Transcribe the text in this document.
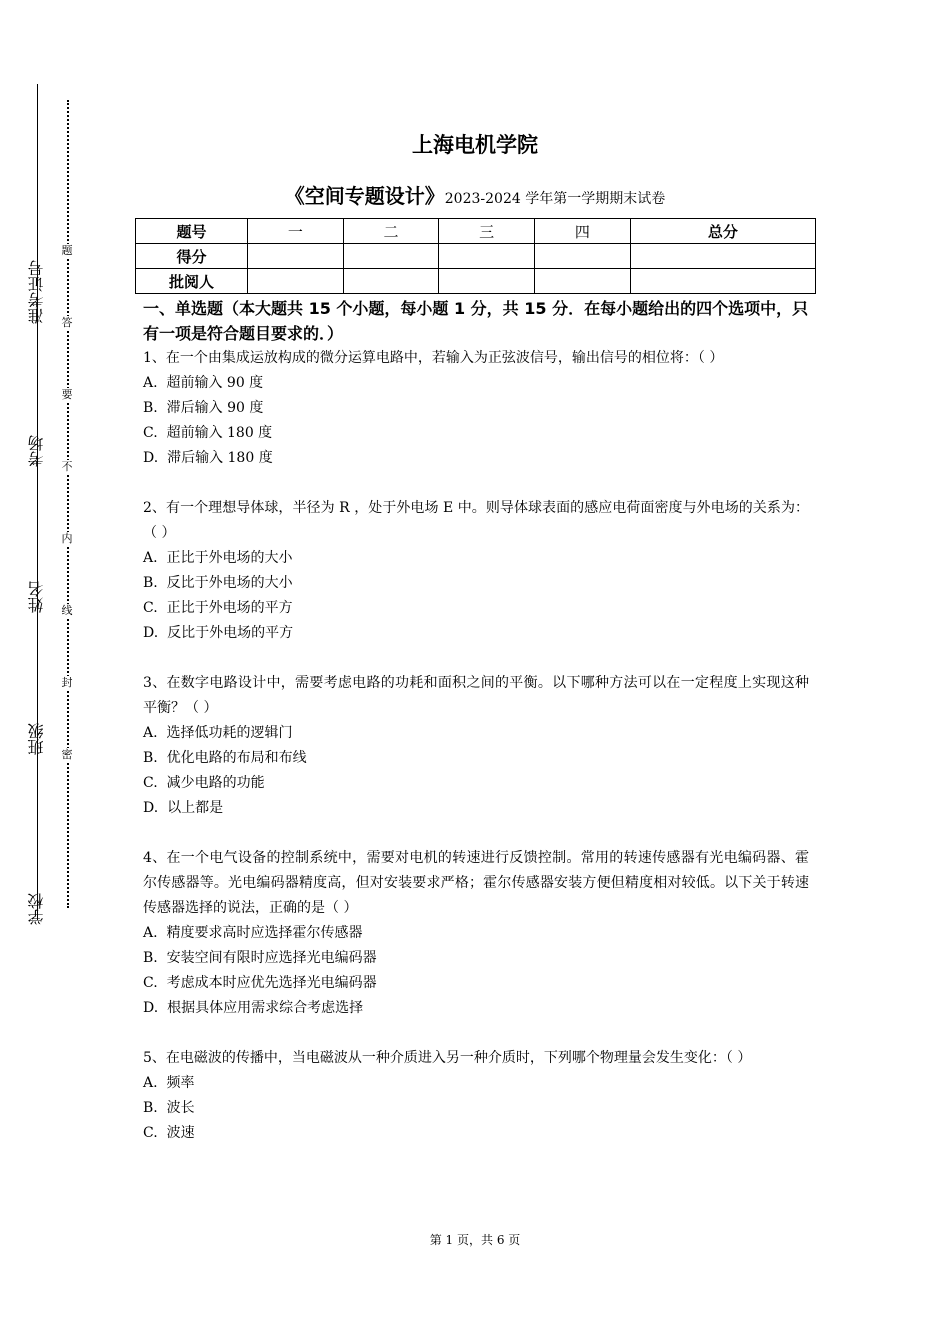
准考证号
考场
姓名
班级
学校
题
答
要
不
内
线
封
密
上海电机学院
《空间专题设计》2023-2024 学年第一学期期末试卷
题号	一	二	三	四	总分
得分					
批阅人					
一、单选题（本大题共 15 个小题，每小题 1 分，共 15 分．在每小题给出的四个选项中，只有一项是符合题目要求的．）
1、在一个由集成运放构成的微分运算电路中，若输入为正弦波信号，输出信号的相位将：（ ）
A.  超前输入 90 度
B.  滞后输入 90 度
C.  超前输入 180 度
D.  滞后输入 180 度
2、有一个理想导体球，半径为 R ，处于外电场 E 中。则导体球表面的感应电荷面密度与外电场的关系为：（ ）
A.  正比于外电场的大小
B.  反比于外电场的大小
C.  正比于外电场的平方
D.  反比于外电场的平方
3、在数字电路设计中，需要考虑电路的功耗和面积之间的平衡。以下哪种方法可以在一定程度上实现这种平衡？（ ）
A.  选择低功耗的逻辑门
B.  优化电路的布局和布线
C.  减少电路的功能
D.  以上都是
4、在一个电气设备的控制系统中，需要对电机的转速进行反馈控制。常用的转速传感器有光电编码器、霍尔传感器等。光电编码器精度高，但对安装要求严格；霍尔传感器安装方便但精度相对较低。以下关于转速传感器选择的说法，正确的是（ ）
A.  精度要求高时应选择霍尔传感器
B.  安装空间有限时应选择光电编码器
C.  考虑成本时应优先选择光电编码器
D.  根据具体应用需求综合考虑选择
5、在电磁波的传播中，当电磁波从一种介质进入另一种介质时，下列哪个物理量会发生变化：（ ）
A.  频率
B.  波长
C.  波速
第 1 页，共 6 页
